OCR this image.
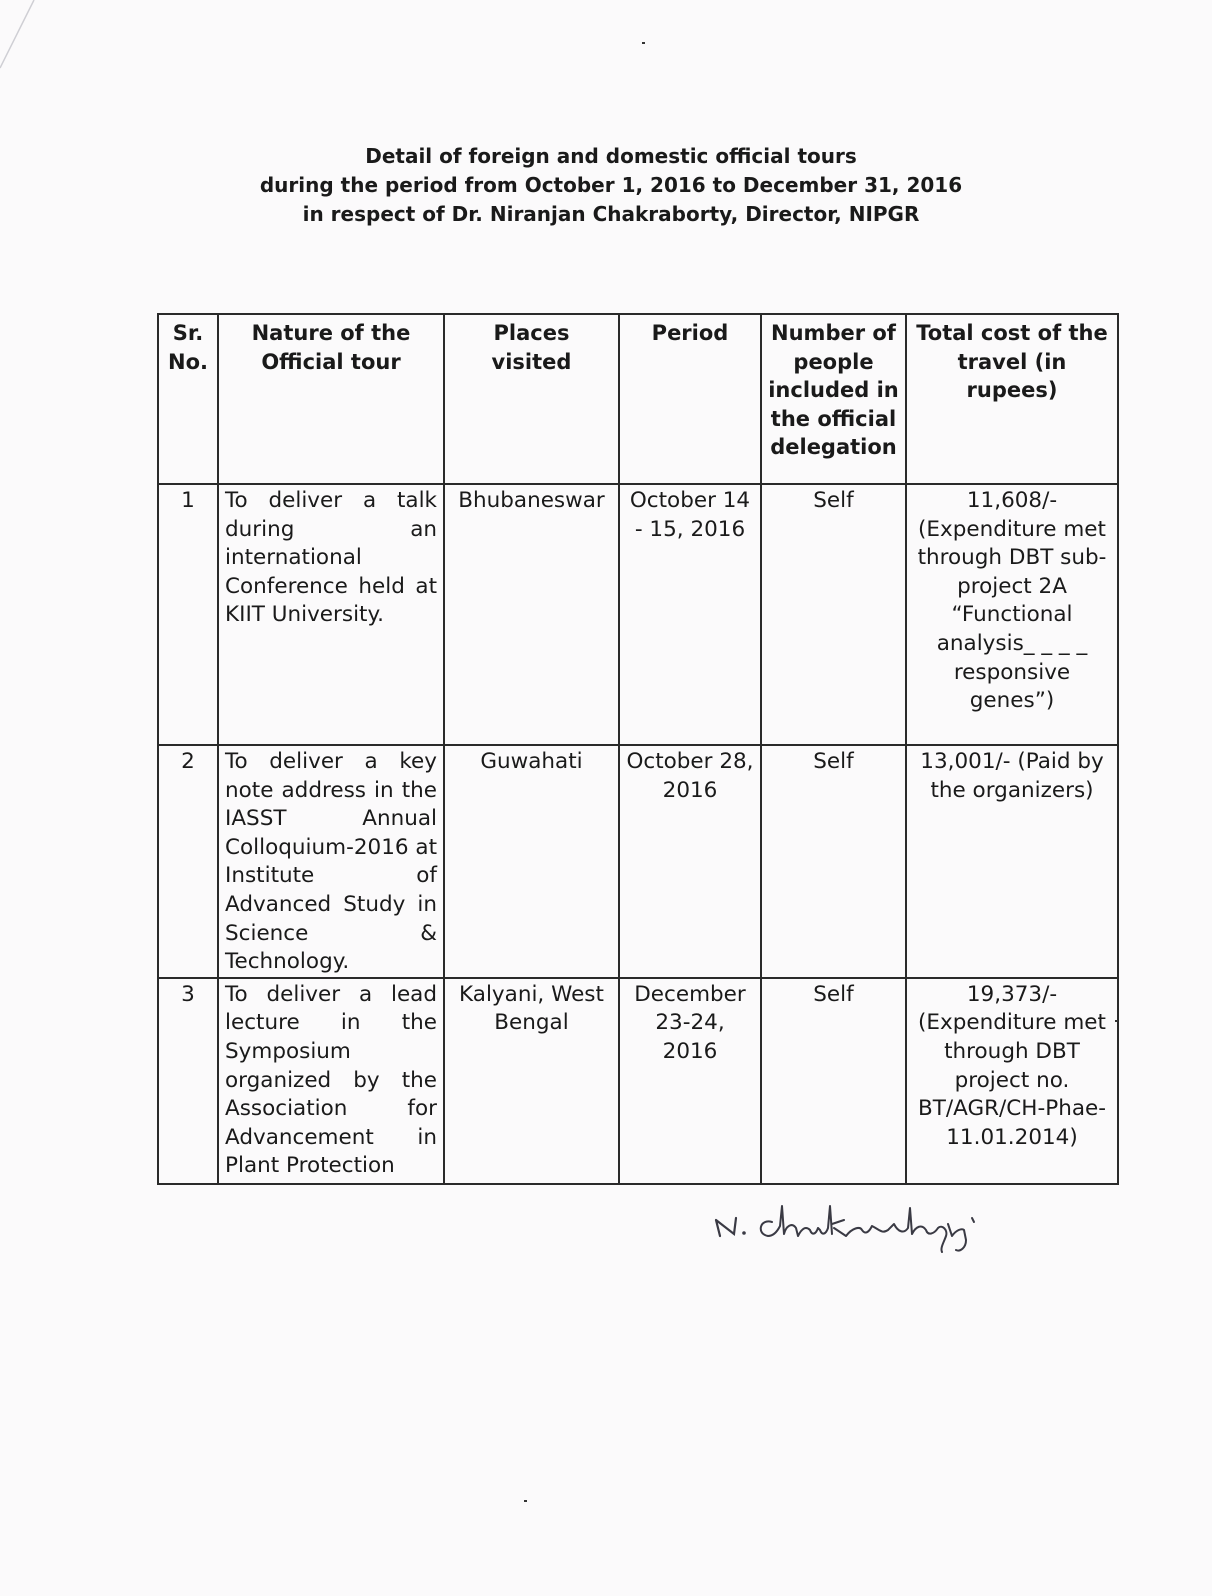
Detail of foreign and domestic official tours
during the period from October 1, 2016 to December 31, 2016
in respect of Dr. Niranjan Chakraborty, Director, NIPGR
Sr. No.	Nature of the Official tour	Places visited	Period	Number of people included in the official delegation	Total cost of the travel (in rupees)
1	To deliver a talk during an international Conference held at KIIT University.	Bhubaneswar	October 14 - 15, 2016	Self	11,608/- (Expenditure met through DBT sub-project 2A “Functional analysis_ _ _ _ responsive genes”)
2	To deliver a key note address in the IASST Annual Colloquium-2016 at Institute of Advanced Study in Science & Technology.	Guwahati	October 28, 2016	Self	13,001/- (Paid by the organizers)
3	To deliver a lead lecture in the Symposium organized by the Association for Advancement in Plant Protection	Kalyani, West Bengal	December 23-24, 2016	Self	19,373/- (Expenditure met through DBT project no. BT/AGR/CH-Phae-11.01.2014)
